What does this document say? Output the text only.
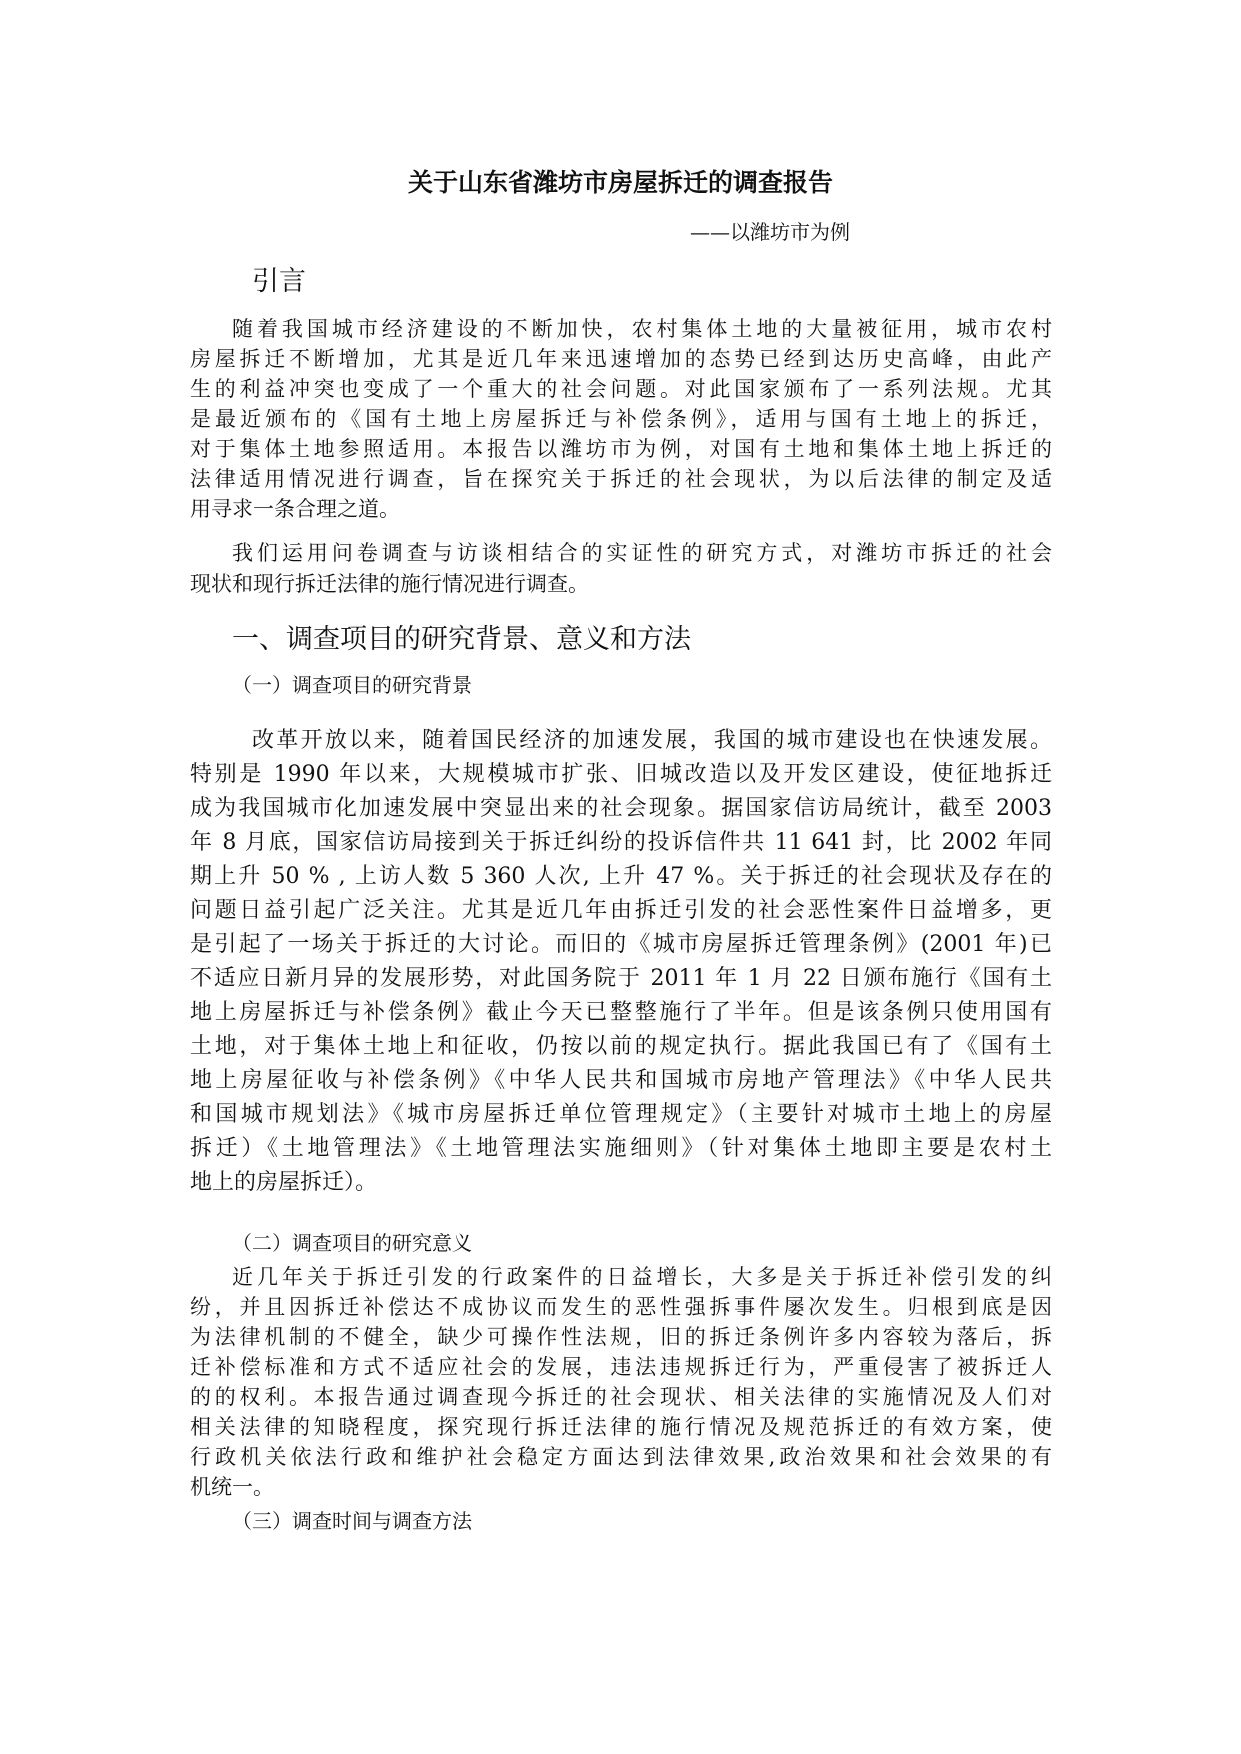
关于山东省潍坊市房屋拆迁的调查报告

——以潍坊市为例

引言

随着我国城市经济建设的不断加快，农村集体土地的大量被征用，城市农村

房屋拆迁不断增加，尤其是近几年来迅速增加的态势已经到达历史高峰，由此产

生的利益冲突也变成了一个重大的社会问题。对此国家颁布了一系列法规。尤其

是最近颁布的《国有土地上房屋拆迁与补偿条例》，适用与国有土地上的拆迁，

对于集体土地参照适用。本报告以潍坊市为例，对国有土地和集体土地上拆迁的

法律适用情况进行调查，旨在探究关于拆迁的社会现状，为以后法律的制定及适

用寻求一条合理之道。

我们运用问卷调查与访谈相结合的实证性的研究方式，对潍坊市拆迁的社会

现状和现行拆迁法律的施行情况进行调查。

一、调查项目的研究背景、意义和方法
（一）调查项目的研究背景

改革开放以来，随着国民经济的加速发展，我国的城市建设也在快速发展。

特别是 1990 年以来，大规模城市扩张、旧城改造以及开发区建设，使征地拆迁

成为我国城市化加速发展中突显出来的社会现象。据国家信访局统计，截至 2003

年 8 月底，国家信访局接到关于拆迁纠纷的投诉信件共 11 641 封，比 2002 年同

期上升 50 % , 上访人数 5 360 人次, 上升 47 %。关于拆迁的社会现状及存在的

问题日益引起广泛关注。尤其是近几年由拆迁引发的社会恶性案件日益增多，更

是引起了一场关于拆迁的大讨论。而旧的《城市房屋拆迁管理条例》(2001 年)已

不适应日新月异的发展形势，对此国务院于 2011 年 1 月 22 日颁布施行《国有土

地上房屋拆迁与补偿条例》截止今天已整整施行了半年。但是该条例只使用国有

土地，对于集体土地上和征收，仍按以前的规定执行。据此我国已有了《国有土

地上房屋征收与补偿条例》《中华人民共和国城市房地产管理法》《中华人民共

和国城市规划法》《城市房屋拆迁单位管理规定》（主要针对城市土地上的房屋

拆迁）《土地管理法》《土地管理法实施细则》（针对集体土地即主要是农村土

地上的房屋拆迁）。

（二）调查项目的研究意义

近几年关于拆迁引发的行政案件的日益增长，大多是关于拆迁补偿引发的纠

纷，并且因拆迁补偿达不成协议而发生的恶性强拆事件屡次发生。归根到底是因

为法律机制的不健全，缺少可操作性法规，旧的拆迁条例许多内容较为落后，拆

迁补偿标准和方式不适应社会的发展，违法违规拆迁行为，严重侵害了被拆迁人

的的权利。本报告通过调查现今拆迁的社会现状、相关法律的实施情况及人们对

相关法律的知晓程度，探究现行拆迁法律的施行情况及规范拆迁的有效方案，使

行政机关依法行政和维护社会稳定方面达到法律效果,政治效果和社会效果的有

机统一。

（三）调查时间与调查方法
